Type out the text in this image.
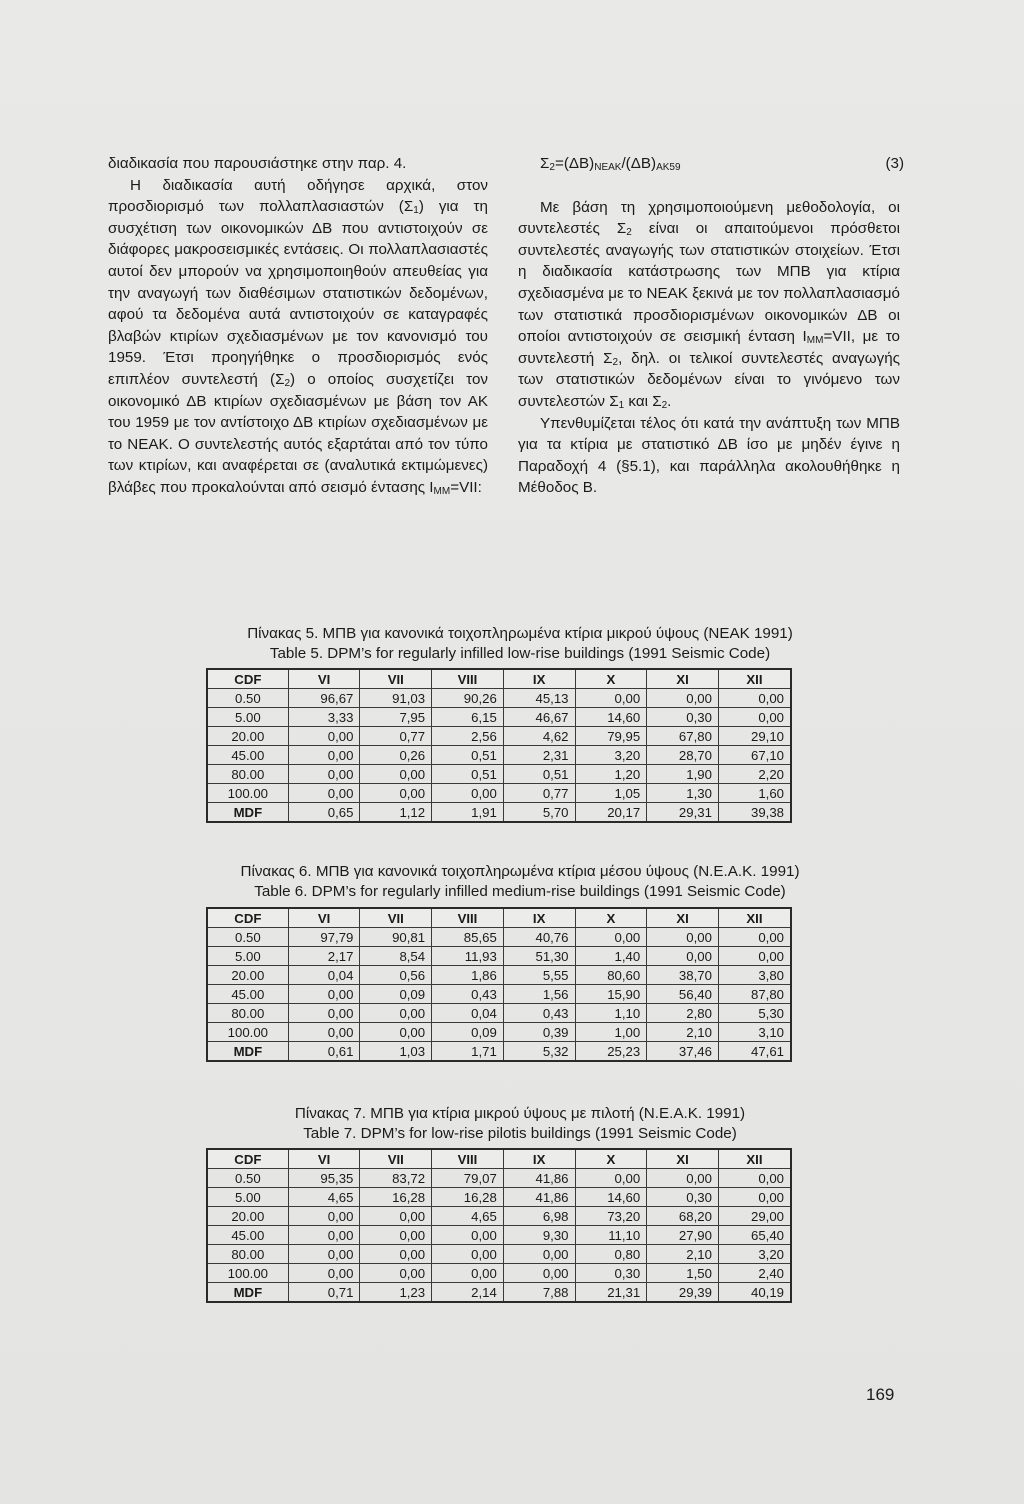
διαδικασία που παρουσιάστηκε στην παρ. 4.

Η διαδικασία αυτή οδήγησε αρχικά, στον προσδιορισμό των πολλαπλασιαστών $(\Sigma_1)$ για τη συσχέτιση των οικονομικών ΔΒ που αντιστοιχούν σε διάφορες μακροσεισμικές εντάσεις. Οι πολλαπλασιαστές αυτοί δεν μπορούν να χρησιμοποιηθούν απευθείας για την αναγωγή των διαθέσιμων στατιστικών δεδομένων, αφού τα δεδομένα αυτά αντιστοιχούν σε καταγραφές βλαβών κτιρίων σχεδιασμένων με τον κανονισμό του 1959. Έτσι προηγήθηκε ο προσδιορισμός ενός επιπλέον συντελεστή $(\Sigma_2)$ ο οποίος συσχετίζει τον οικονομικό ΔΒ κτιρίων σχεδιασμένων με βάση τον ΑΚ του 1959 με τον αντίστοιχο ΔΒ κτιρίων σχεδιασμένων με το ΝΕΑΚ. Ο συντελεστής αυτός εξαρτάται από τον τύπο των κτιρίων, και αναφέρεται σε (αναλυτικά εκτιμώμενες) βλάβες που προκαλούνται από σεισμό έντασης $I_{MM}=VII$:

$\Sigma_2=(\Delta B)_{NEAK}/(\Delta B)_{AK59}$	(3)

Με βάση τη χρησιμοποιούμενη μεθοδολογία, οι συντελεστές $\Sigma_2$ είναι οι απαιτούμενοι πρόσθετοι συντελεστές αναγωγής των στατιστικών στοιχείων. Έτσι η διαδικασία κατάστρωσης των ΜΠΒ για κτίρια σχεδιασμένα με το ΝΕΑΚ ξεκινά με τον πολλαπλασιασμό των στατιστικά προσδιορισμένων οικονομικών ΔΒ οι οποίοι αντιστοιχούν σε σεισμική ένταση $I_{MM}=VII$, με το συντελεστή $\Sigma_2$, δηλ. οι τελικοί συντελεστές αναγωγής των στατιστικών δεδομένων είναι το γινόμενο των συντελεστών $\Sigma_1$ και $\Sigma_2$.

Υπενθυμίζεται τέλος ότι κατά την ανάπτυξη των ΜΠΒ για τα κτίρια με στατιστικό ΔΒ ίσο με μηδέν έγινε η Παραδοχή 4 (§5.1), και παράλληλα ακολουθήθηκε η Μέθοδος Β.

Πίνακας 5. ΜΠΒ για κανονικά τοιχοπληρωμένα κτίρια μικρού ύψους (ΝΕΑΚ 1991)
Table 5. DPM’s for regularly infilled low-rise buildings (1991 Seismic Code)
CDF	VI	VII	VIII	IX	X	XI	XII
0.50	96,67	91,03	90,26	45,13	0,00	0,00	0,00
5.00	3,33	7,95	6,15	46,67	14,60	0,30	0,00
20.00	0,00	0,77	2,56	4,62	79,95	67,80	29,10
45.00	0,00	0,26	0,51	2,31	3,20	28,70	67,10
80.00	0,00	0,00	0,51	0,51	1,20	1,90	2,20
100.00	0,00	0,00	0,00	0,77	1,05	1,30	1,60
MDF	0,65	1,12	1,91	5,70	20,17	29,31	39,38
Πίνακας 6. ΜΠΒ για κανονικά τοιχοπληρωμένα κτίρια μέσου ύψους (Ν.Ε.Α.Κ. 1991)
Table 6. DPM’s for regularly infilled medium-rise buildings (1991 Seismic Code)
CDF	VI	VII	VIII	IX	X	XI	XII
0.50	97,79	90,81	85,65	40,76	0,00	0,00	0,00
5.00	2,17	8,54	11,93	51,30	1,40	0,00	0,00
20.00	0,04	0,56	1,86	5,55	80,60	38,70	3,80
45.00	0,00	0,09	0,43	1,56	15,90	56,40	87,80
80.00	0,00	0,00	0,04	0,43	1,10	2,80	5,30
100.00	0,00	0,00	0,09	0,39	1,00	2,10	3,10
MDF	0,61	1,03	1,71	5,32	25,23	37,46	47,61
Πίνακας 7. ΜΠΒ για κτίρια μικρού ύψους με πιλοτή (Ν.Ε.Α.Κ. 1991)
Table 7. DPM’s for low-rise pilotis buildings (1991 Seismic Code)
CDF	VI	VII	VIII	IX	X	XI	XII
0.50	95,35	83,72	79,07	41,86	0,00	0,00	0,00
5.00	4,65	16,28	16,28	41,86	14,60	0,30	0,00
20.00	0,00	0,00	4,65	6,98	73,20	68,20	29,00
45.00	0,00	0,00	0,00	9,30	11,10	27,90	65,40
80.00	0,00	0,00	0,00	0,00	0,80	2,10	3,20
100.00	0,00	0,00	0,00	0,00	0,30	1,50	2,40
MDF	0,71	1,23	2,14	7,88	21,31	29,39	40,19
169
